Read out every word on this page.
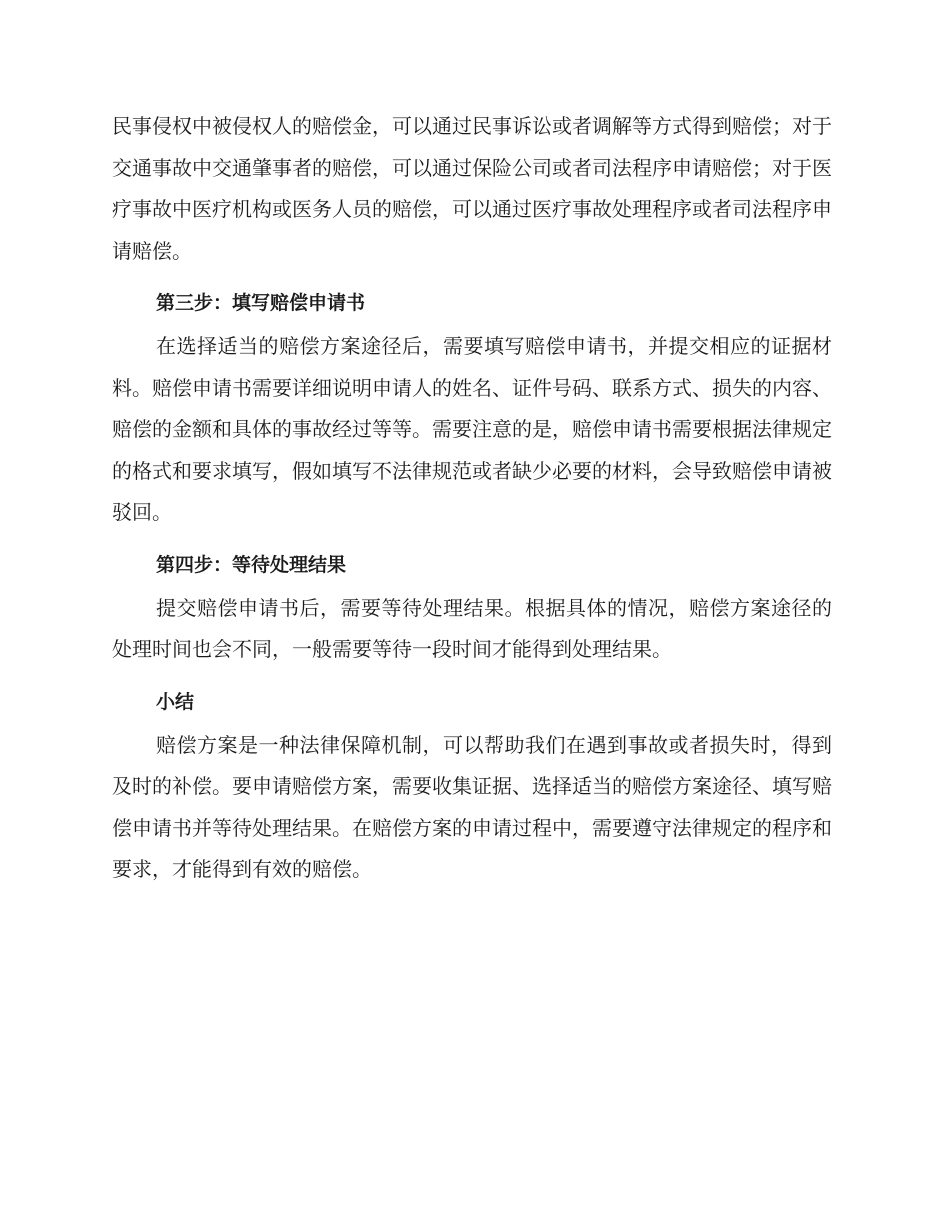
民事侵权中被侵权人的赔偿金，可以通过民事诉讼或者调解等方式得到赔偿；对于交通事故中交通肇事者的赔偿，可以通过保险公司或者司法程序申请赔偿；对于医疗事故中医疗机构或医务人员的赔偿，可以通过医疗事故处理程序或者司法程序申请赔偿。

第三步：填写赔偿申请书

在选择适当的赔偿方案途径后，需要填写赔偿申请书，并提交相应的证据材料。赔偿申请书需要详细说明申请人的姓名、证件号码、联系方式、损失的内容、赔偿的金额和具体的事故经过等等。需要注意的是，赔偿申请书需要根据法律规定的格式和要求填写，假如填写不法律规范或者缺少必要的材料，会导致赔偿申请被驳回。

第四步：等待处理结果

提交赔偿申请书后，需要等待处理结果。根据具体的情况，赔偿方案途径的处理时间也会不同，一般需要等待一段时间才能得到处理结果。

小结

赔偿方案是一种法律保障机制，可以帮助我们在遇到事故或者损失时，得到及时的补偿。要申请赔偿方案，需要收集证据、选择适当的赔偿方案途径、填写赔偿申请书并等待处理结果。在赔偿方案的申请过程中，需要遵守法律规定的程序和要求，才能得到有效的赔偿。
